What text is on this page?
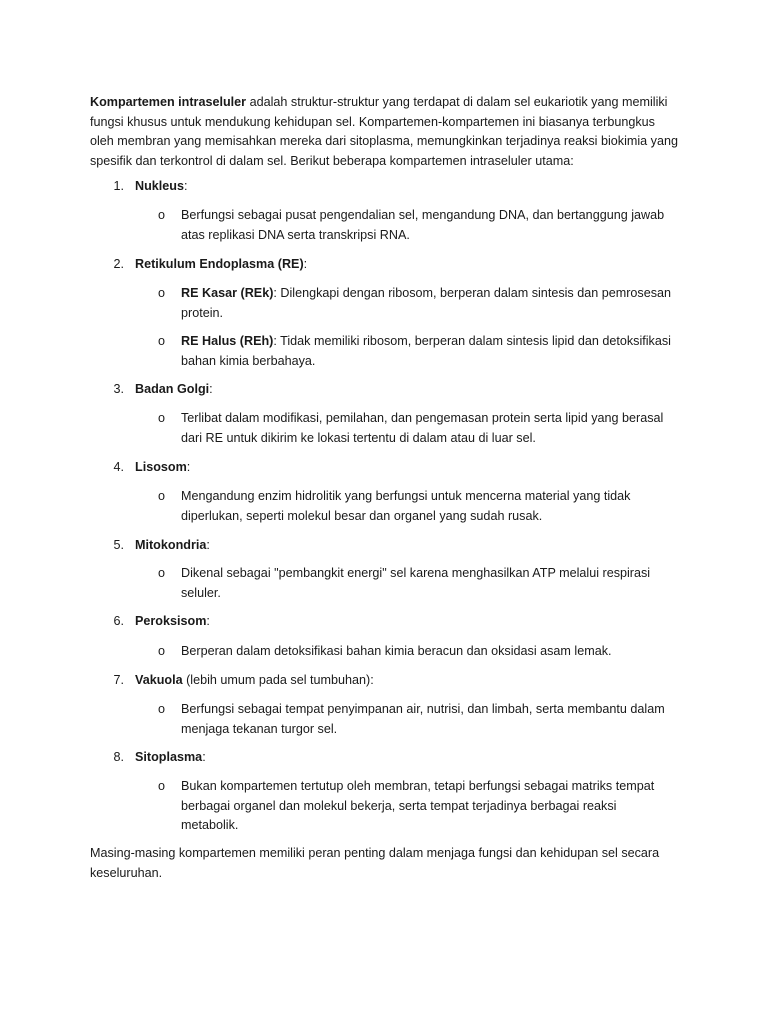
Kompartemen intraseluler adalah struktur-struktur yang terdapat di dalam sel eukariotik yang memiliki fungsi khusus untuk mendukung kehidupan sel. Kompartemen-kompartemen ini biasanya terbungkus oleh membran yang memisahkan mereka dari sitoplasma, memungkinkan terjadinya reaksi biokimia yang spesifik dan terkontrol di dalam sel. Berikut beberapa kompartemen intraseluler utama:

1. Nukleus:
o	Berfungsi sebagai pusat pengendalian sel, mengandung DNA, dan bertanggung jawab atas replikasi DNA serta transkripsi RNA.

2. Retikulum Endoplasma (RE):
o	RE Kasar (REk): Dilengkapi dengan ribosom, berperan dalam sintesis dan pemrosesan protein.

o	RE Halus (REh): Tidak memiliki ribosom, berperan dalam sintesis lipid dan detoksifikasi bahan kimia berbahaya.

3. Badan Golgi:
o	Terlibat dalam modifikasi, pemilahan, dan pengemasan protein serta lipid yang berasal dari RE untuk dikirim ke lokasi tertentu di dalam atau di luar sel.

4. Lisosom:
o	Mengandung enzim hidrolitik yang berfungsi untuk mencerna material yang tidak diperlukan, seperti molekul besar dan organel yang sudah rusak.

5. Mitokondria:
o	Dikenal sebagai "pembangkit energi" sel karena menghasilkan ATP melalui respirasi seluler.

6. Peroksisom:
o	Berperan dalam detoksifikasi bahan kimia beracun dan oksidasi asam lemak.

7. Vakuola (lebih umum pada sel tumbuhan):
o	Berfungsi sebagai tempat penyimpanan air, nutrisi, dan limbah, serta membantu dalam menjaga tekanan turgor sel.

8. Sitoplasma:
o	Bukan kompartemen tertutup oleh membran, tetapi berfungsi sebagai matriks tempat berbagai organel dan molekul bekerja, serta tempat terjadinya berbagai reaksi metabolik.

Masing-masing kompartemen memiliki peran penting dalam menjaga fungsi dan kehidupan sel secara keseluruhan.
